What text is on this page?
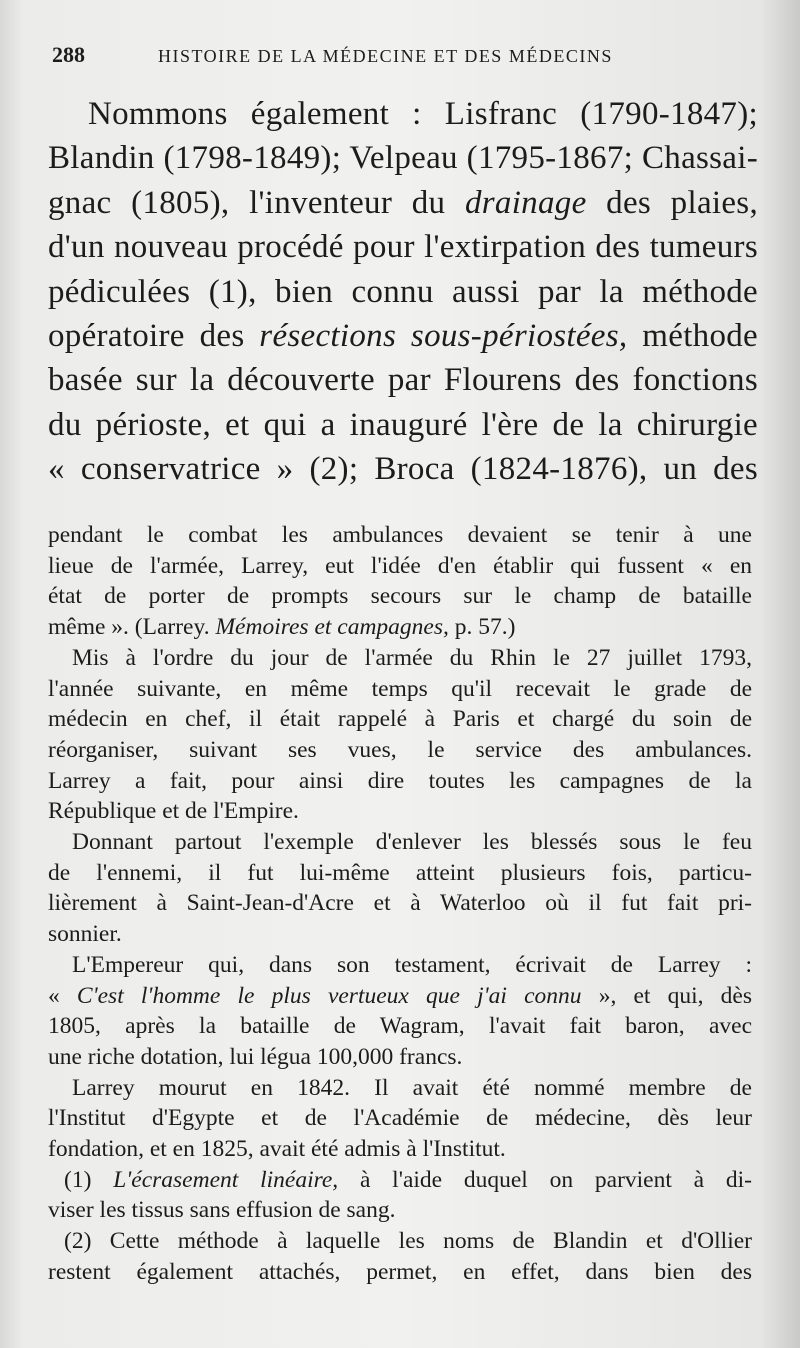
288	HISTOIRE DE LA MÉDECINE ET DES MÉDECINS
Nommons également : Lisfranc (1790-1847);
Blandin (1798-1849); Velpeau (1795-1867; Chassai-
gnac (1805), l'inventeur du drainage des plaies,
d'un nouveau procédé pour l'extirpation des tumeurs
pédiculées (1), bien connu aussi par la méthode
opératoire des résections sous-périostées, méthode
basée sur la découverte par Flourens des fonctions
du périoste, et qui a inauguré l'ère de la chirurgie
« conservatrice » (2); Broca (1824-1876), un des
pendant le combat les ambulances devaient se tenir à une
lieue de l'armée, Larrey, eut l'idée d'en établir qui fussent « en
état de porter de prompts secours sur le champ de bataille
même ». (Larrey. Mémoires et campagnes, p. 57.)
Mis à l'ordre du jour de l'armée du Rhin le 27 juillet 1793,
l'année suivante, en même temps qu'il recevait le grade de
médecin en chef, il était rappelé à Paris et chargé du soin de
réorganiser, suivant ses vues, le service des ambulances.
Larrey a fait, pour ainsi dire toutes les campagnes de la
République et de l'Empire.
Donnant partout l'exemple d'enlever les blessés sous le feu
de l'ennemi, il fut lui-même atteint plusieurs fois, particu-
lièrement à Saint-Jean-d'Acre et à Waterloo où il fut fait pri-
sonnier.
L'Empereur qui, dans son testament, écrivait de Larrey :
« C'est l'homme le plus vertueux que j'ai connu », et qui, dès
1805, après la bataille de Wagram, l'avait fait baron, avec
une riche dotation, lui légua 100,000 francs.
Larrey mourut en 1842. Il avait été nommé membre de
l'Institut d'Egypte et de l'Académie de médecine, dès leur
fondation, et en 1825, avait été admis à l'Institut.
(1) L'écrasement linéaire, à l'aide duquel on parvient à di-
viser les tissus sans effusion de sang.
(2) Cette méthode à laquelle les noms de Blandin et d'Ollier
restent également attachés, permet, en effet, dans bien des
